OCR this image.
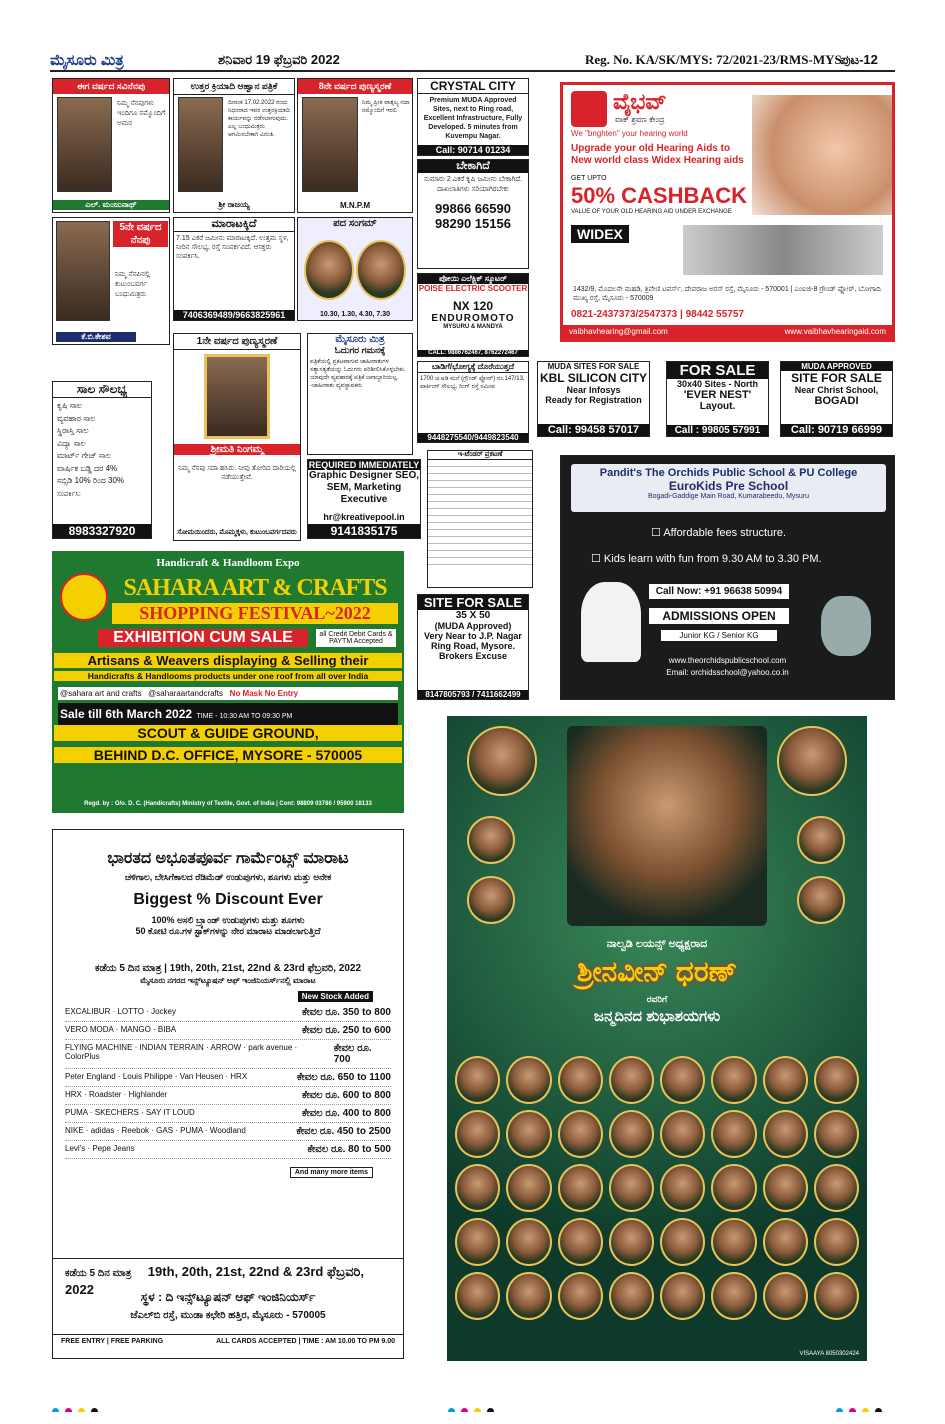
ಮೈಸೂರು ಮಿತ್ರ	ಶನಿವಾರ 19 ಫೆಬ್ರವರಿ 2022	Reg. No. KA/SK/MYS: 72/2021-23/RMS-MYS
ಪುಟ-12
ಈಗ ವರ್ಷದ ಸವಿನೆನಪು
ನಿಮ್ಮ ನೆನಪುಗಳು ಇಂದಿಗೂ ನಮ್ಮೊಂದಿಗೆ ಅಮರ
ಎಲ್. ಮಂಜುನಾಥ್
ಉತ್ತರ ಕ್ರಿಯಾದಿ ಆಹ್ವಾನ ಪತ್ರಿಕೆ
ದಿನಾಂಕ 17.02.2022 ರಂದು ನಿಧನರಾದ ಇವರ ಉತ್ತರಕ್ರಿಯಾದಿ ಕಾರ್ಯವನ್ನು ನಡೆಸಲಾಗುವುದು. ಎಲ್ಲ ಬಂಧುಮಿತ್ರರು ಆಗಮಿಸಬೇಕಾಗಿ ವಿನಂತಿ.
ಶ್ರೀ ರಾಜಯ್ಯ
8ನೇ ವರ್ಷದ ಪುಣ್ಯಸ್ಮರಣೆ
ನಿಮ್ಮ ಪ್ರೀತಿ ವಾತ್ಸಲ್ಯ ಸದಾ ನಮ್ಮೊಂದಿಗೆ ಇರಲಿ
M.N.P.M
CRYSTAL CITY
Premium MUDA Approved Sites, next to Ring road, Excellent Infrastructure, Fully Developed. 5 minutes from Kuvempu Nagar.
Call: 90714 01234
ಬೇಕಾಗಿದೆ
ಸುಮಾರು 2 ಎಕರೆ ಕೃಷಿ ಜಮೀನು ಬೇಕಾಗಿದೆ. ದಾಖಲಾತಿಗಳು ಸರಿಯಾಗಿರಬೇಕು
99866 66590
98290 15156
5ನೇ ವರ್ಷದ ನೆನಪು
ನಿಮ್ಮ ನೆನಪಿನಲ್ಲಿ ಕುಟುಂಬವರ್ಗ ಬಂಧುಮಿತ್ರರು
ಕೆ.ಬಿ.ಕೇಶವ
ಮಾರಾಟಕ್ಕಿದೆ
7.15 ಎಕರೆ ಜಮೀನು ಮಾರಾಟಕ್ಕಿದೆ. ಉತ್ತಮ ಸ್ಥಳ, ನೀರಿನ ಸೌಲಭ್ಯ, ರಸ್ತೆ ಸಂಪರ್ಕವಿದೆ. ಆಸಕ್ತರು ಸಂಪರ್ಕಿಸಿ.
7406369489/9663825961
ಪದ ಸಂಗಮ್
10.30, 1.30, 4.30, 7.30
ಪೋಯಿ ಎಲೆಕ್ಟ್ರಿಕ್ ಸ್ಕೂಟರ್
POISE ELECTRIC SCOOTER
NX 120
ENDUROMOTO
MYSURU & MANDYA
CALL: 9886762467, 8762272467
ಸಾಲ ಸೌಲಭ್ಯ
ಕೃಷಿ ಸಾಲ
ವ್ಯವಹಾರ ಸಾಲ
ಸ್ಥಿರಾಸ್ತಿ ಸಾಲ
ವಿದ್ಯಾ ಸಾಲ
ಮಾರ್ಟ್ ಗೇಜ್ ಸಾಲ
ವಾರ್ಷಿಕ ಬಡ್ಡಿ ದರ 4%
ಸಬ್ಸಿಡಿ 10% ರಿಂದ 30%
ಸಂಪರ್ಕಿಸಿ:
8983327920
1ನೇ ವರ್ಷದ ಪುಣ್ಯಸ್ಮರಣೆ
ಶ್ರೀಮತಿ ನಿಂಗಮ್ಮ
ನಿಮ್ಮ ನೆನಪು ಸದಾ ಹಸಿರು. ನೀವು ತೋರಿದ ದಾರಿಯಲ್ಲಿ ನಡೆಯುತ್ತೇವೆ.
ಸೋಮಯಿಂದರು, ಮೊಮ್ಮಕ್ಕಳು, ಕುಟುಂಬವರ್ಗದವರು
ಮೈಸೂರು ಮಿತ್ರ
ಓದುಗರ ಗಮನಕ್ಕೆ
ಪತ್ರಿಕೆಯಲ್ಲಿ ಪ್ರಕಟವಾಗುವ ಜಾಹೀರಾತುಗಳ ಸತ್ಯಾಸತ್ಯತೆಯನ್ನು ಓದುಗರು ಪರಿಶೀಲಿಸಿಕೊಳ್ಳಬೇಕು. ಯಾವುದೇ ವ್ಯವಹಾರಕ್ಕೆ ಪತ್ರಿಕೆ ಜವಾಬ್ದಾರಿಯಲ್ಲ. -ಜಾಹೀರಾತು ವ್ಯವಸ್ಥಾಪಕರು
ಬಾಡಿಗೆ/ಭೋಗ್ಯಕ್ಕೆ ದೊರೆಯುತ್ತದೆ
1700 ಚ.ಅಡಿ ಮನೆ (ಗ್ರೌಂಡ್ ಫ್ಲೋರ್) ನಂ.147/13, ಪಾರ್ಕಿಂಗ್ ಸೌಲಭ್ಯ, ರಿಂಗ್ ರಸ್ತೆ ಸಮೀಪ
9448275540/9449823540
REQUIRED IMMEDIATELY
Graphic Designer SEO, SEM, Marketing Executive
hr@kreativepool.in
9141835175
ವೈಭವ್
ವಾಕ್ ಶ್ರವಣ ಕೇಂದ್ರ
We "brighten" your hearing world
Upgrade your old Hearing Aids to
New world class Widex Hearing aids
GET UPTO
50% CASHBACK
VALUE OF YOUR OLD HEARING AID UNDER EXCHANGE
WIDEX
1432/9, ಮೊದಲನೇ ಮಹಡಿ, ತ್ರಿವೇಣಿ ಟವರ್ಸ್, ದೇವರಾಜ ಅರಸ್ ರಸ್ತೆ, ಮೈಸೂರು - 570001 | ಎಂಐಜಿ-8 ಗ್ರೌಂಡ್ ಫ್ಲೋರ್, ಬೋಗಾದಿ ಮುಖ್ಯ ರಸ್ತೆ, ಮೈಸೂರು - 570009
0821-2437373/2547373 | 98442 55757
vaibhavhearing@gmail.com	www.vaibhavhearingaid.com
MUDA SITES FOR SALE
KBL SILICON CITY
Near Infosys
Ready for Registration
Call: 99458 57017
FOR SALE
30x40 Sites - North
'EVER NEST'
Layout.
Call : 99805 57991
MUDA APPROVED
SITE FOR SALE
Near Christ School,
BOGADI
Call: 90719 66999
ಇ-ಟೆಂಡರ್ ಪ್ರಕಟಣೆ
SITE FOR SALE
35 X 50
(MUDA Approved)
Very Near to J.P. Nagar
Ring Road, Mysore.
Brokers Excuse
8147805793 / 7411662499
Pandit's The Orchids Public School & PU College
EuroKids Pre School
Bogadi-Gaddige Main Road, Kumarabeedu, Mysuru
☐ Affordable fees structure.
☐ Kids learn with fun from 9.30 AM to 3.30 PM.
Call Now: +91 96638 50994
ADMISSIONS OPEN
Junior KG / Senior KG
www.theorchidspublicschool.com
Email: orchidsschool@yahoo.co.in
Handicraft & Handloom Expo
SAHARA ART & CRAFTS
SHOPPING FESTIVAL~2022
EXHIBITION CUM SALE	all Credit Debit Cards & PAYTM Accepted
Artisans & Weavers displaying & Selling their
Handicrafts & Handlooms products under one roof from all over India
@sahara art and crafts @saharaartandcrafts No Mask No Entry
Sale till 6th March 2022 TIME - 10:30 AM TO 09:30 PM
SCOUT & GUIDE GROUND,
BEHIND D.C. OFFICE, MYSORE - 570005
Regd. by : O/o. D. C. (Handicrafts) Ministry of Textile, Govt. of India | Cont: 98809 03786 / 95900 18133
ಭಾರತದ ಅಭೂತಪೂರ್ವ ಗಾರ್ಮೆಂಟ್ಸ್ ಮಾರಾಟ
ಚಳಿಗಾಲ, ಬೇಸಿಗೆಕಾಲದ ರೆಡಿಮೆಡ್ ಉಡುಪುಗಳು, ಶೂಗಳು ಮತ್ತು ಅನೇಕ
Biggest % Discount Ever
100% ಅಸಲಿ ಬ್ರ್ಯಾಂಡ್ ಉಡುಪುಗಳು ಮತ್ತು ಶೂಗಳು
50 ಕೋಟಿ ರೂ.ಗಳ ಸ್ಟಾಕ್‌ಗಳನ್ನು ನೇರ ಮಾರಾಟ ಮಾಡಲಾಗುತ್ತಿದೆ
ಕಡೆಯ 5 ದಿನ ಮಾತ್ರ | 19th, 20th, 21st, 22nd & 23rd ಫೆಬ್ರವರಿ, 2022
ಮೈಸೂರು ನಗರದ ಇನ್ಸ್‌ಟ್ಯೂಷನ್ ಆಫ್ ಇಂಜಿನಿಯರ್ಸ್‌ನಲ್ಲಿ ಮಾರಾಟ
New Stock Added
EXCALIBUR · LOTTO · Jockey	ಕೇವಲ ರೂ. 350 to 800
VERO MODA · MANGO · BIBA	ಕೇವಲ ರೂ. 250 to 600
FLYING MACHINE · INDIAN TERRAIN · ARROW · park avenue · ColorPlus
ಕೇವಲ ರೂ. 700
Peter England · Louis Philippe · Van Heusen · HRX	ಕೇವಲ ರೂ. 650 to 1100
HRX · Roadster · Highlander	ಕೇವಲ ರೂ. 600 to 800
PUMA · SKECHERS · SAY IT LOUD	ಕೇವಲ ರೂ. 400 to 800
NIKE · adidas · Reebok · GAS · PUMA · Woodland	ಕೇವಲ ರೂ. 450 to 2500
Levi's · Pepe Jeans	ಕೇವಲ ರೂ. 80 to 500
And many more items
ಕಡೆಯ 5 ದಿನ ಮಾತ್ರ 19th, 20th, 21st, 22nd & 23rd ಫೆಬ್ರವರಿ, 2022	ಸ್ಥಳ : ದಿ ಇನ್ಸ್‌ಟ್ಯೂಷನ್ ಆಫ್ ಇಂಜಿನಿಯರ್ಸ್
ಜೆಎಲ್‌ಬಿ ರಸ್ತೆ, ಮುಡಾ ಕಛೇರಿ ಹತ್ತಿರ, ಮೈಸೂರು - 570005
FREE ENTRY | FREE PARKING	ALL CARDS ACCEPTED | TIME : AM 10.00 TO PM 9.00
ನಾಲ್ವಡಿ ಲಯನ್ಸ್ ಅಧ್ಯಕ್ಷರಾದ
ಶ್ರೀನವೀನ್ ಧರಣ್
ರವರಿಗೆ
ಜನ್ಮದಿನದ ಶುಭಾಶಯಗಳು
VISAAYA 8050302424
